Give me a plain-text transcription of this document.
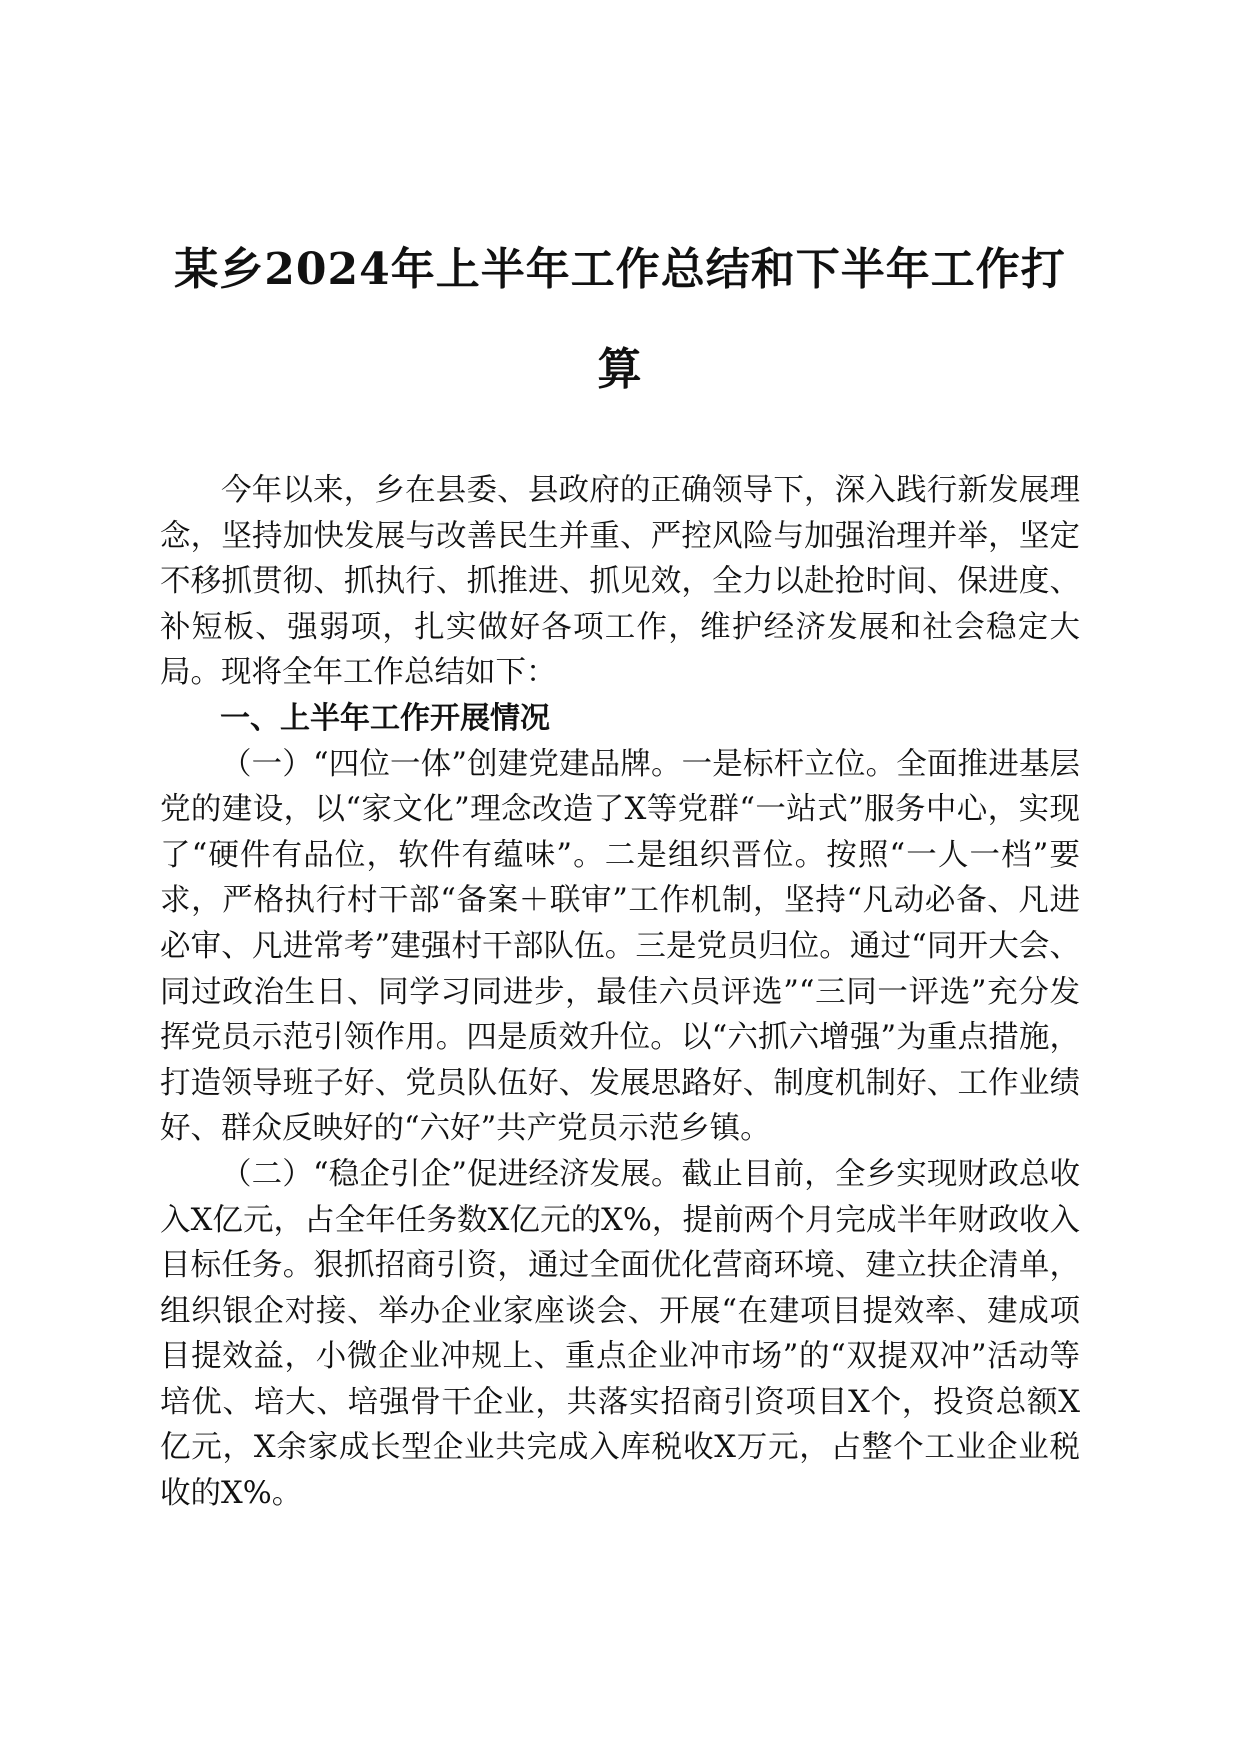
某乡2024年上半年工作总结和下半年工作打算

今年以来，乡在县委、县政府的正确领导下，深入践行新发展理念，坚持加快发展与改善民生并重、严控风险与加强治理并举，坚定不移抓贯彻、抓执行、抓推进、抓见效，全力以赴抢时间、保进度、补短板、强弱项，扎实做好各项工作，维护经济发展和社会稳定大局。现将全年工作总结如下：

一、上半年工作开展情况

（一）“四位一体”创建党建品牌。一是标杆立位。全面推进基层党的建设，以“家文化”理念改造了X等党群“一站式”服务中心，实现了“硬件有品位，软件有蕴味”。二是组织晋位。按照“一人一档”要求，严格执行村干部“备案＋联审”工作机制，坚持“凡动必备、凡进必审、凡进常考”建强村干部队伍。三是党员归位。通过“同开大会、同过政治生日、同学习同进步，最佳六员评选”“三同一评选”充分发挥党员示范引领作用。四是质效升位。以“六抓六增强”为重点措施，打造领导班子好、党员队伍好、发展思路好、制度机制好、工作业绩好、群众反映好的“六好”共产党员示范乡镇。

（二）“稳企引企”促进经济发展。截止目前，全乡实现财政总收入X亿元，占全年任务数X亿元的X%，提前两个月完成半年财政收入目标任务。狠抓招商引资，通过全面优化营商环境、建立扶企清单，组织银企对接、举办企业家座谈会、开展“在建项目提效率、建成项目提效益，小微企业冲规上、重点企业冲市场”的“双提双冲”活动等培优、培大、培强骨干企业，共落实招商引资项目X个，投资总额X亿元，X余家成长型企业共完成入库税收X万元，占整个工业企业税收的X%。
